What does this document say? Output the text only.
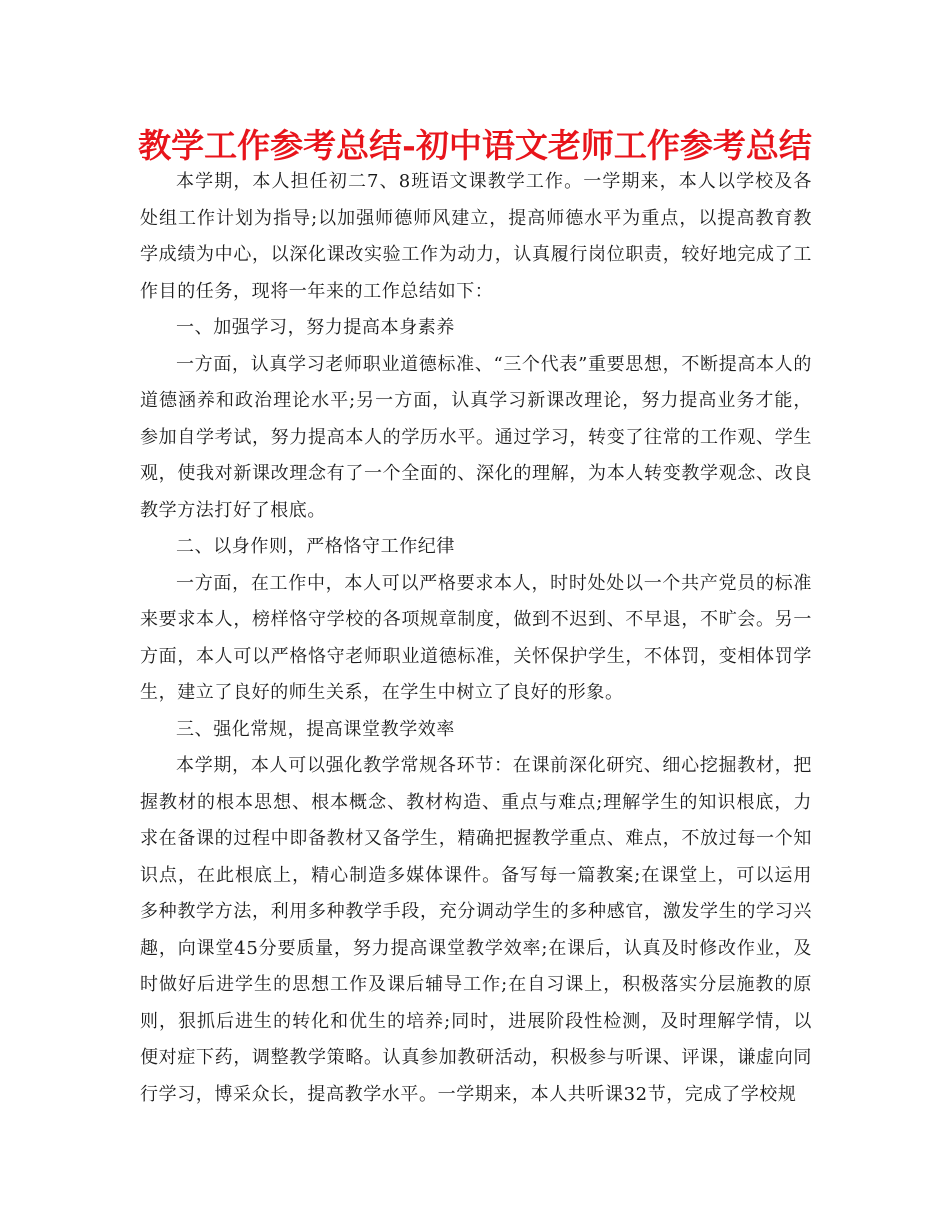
教学工作参考总结-初中语文老师工作参考总结

本学期，本人担任初二7、8班语文课教学工作。一学期来，本人以学校及各处组工作计划为指导;以加强师德师风建立，提高师德水平为重点，以提高教育教学成绩为中心，以深化课改实验工作为动力，认真履行岗位职责，较好地完成了工作目的任务，现将一年来的工作总结如下：

一、加强学习，努力提高本身素养

一方面，认真学习老师职业道德标准、“三个代表”重要思想，不断提高本人的道德涵养和政治理论水平;另一方面，认真学习新课改理论，努力提高业务才能，参加自学考试，努力提高本人的学历水平。通过学习，转变了往常的工作观、学生观，使我对新课改理念有了一个全面的、深化的理解，为本人转变教学观念、改良教学方法打好了根底。

二、以身作则，严格恪守工作纪律

一方面，在工作中，本人可以严格要求本人，时时处处以一个共产党员的标准来要求本人，榜样恪守学校的各项规章制度，做到不迟到、不早退，不旷会。另一方面，本人可以严格恪守老师职业道德标准，关怀保护学生，不体罚，变相体罚学生，建立了良好的师生关系，在学生中树立了良好的形象。

三、强化常规，提高课堂教学效率

本学期，本人可以强化教学常规各环节：在课前深化研究、细心挖掘教材，把握教材的根本思想、根本概念、教材构造、重点与难点;理解学生的知识根底，力求在备课的过程中即备教材又备学生，精确把握教学重点、难点，不放过每一个知识点，在此根底上，精心制造多媒体课件。备写每一篇教案;在课堂上，可以运用多种教学方法，利用多种教学手段，充分调动学生的多种感官，激发学生的学习兴趣，向课堂45分要质量，努力提高课堂教学效率;在课后，认真及时修改作业，及时做好后进学生的思想工作及课后辅导工作;在自习课上，积极落实分层施教的原则，狠抓后进生的转化和优生的培养;同时，进展阶段性检测，及时理解学情，以便对症下药，调整教学策略。认真参加教研活动，积极参与听课、评课，谦虚向同行学习，博采众长，提高教学水平。一学期来，本人共听课32节，完成了学校规
